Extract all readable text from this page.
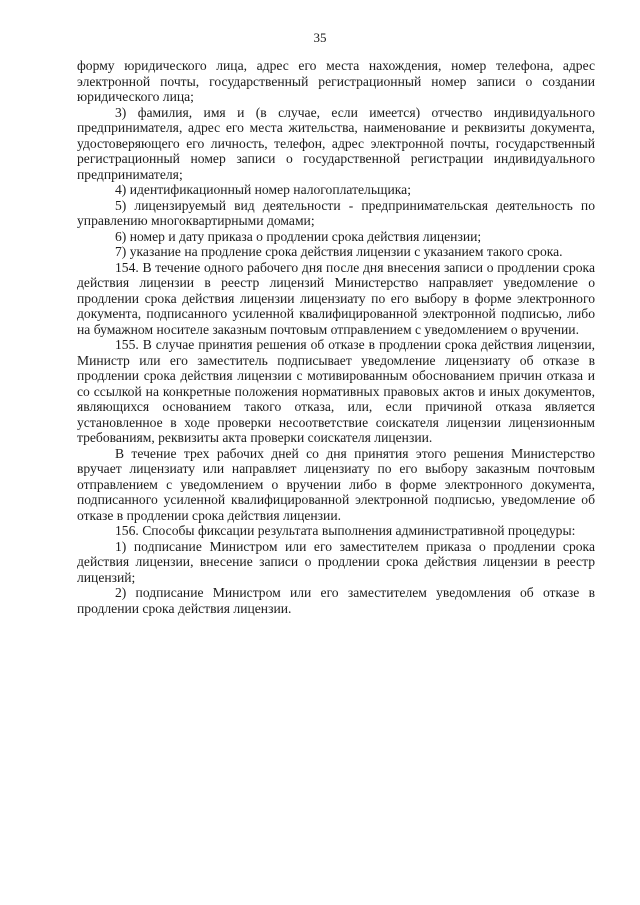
35

форму юридического лица, адрес его места нахождения, номер телефона, адрес электронной почты, государственный регистрационный номер записи о создании юридического лица;

3) фамилия, имя и (в случае, если имеется) отчество индивидуального предпринимателя, адрес его места жительства, наименование и реквизиты документа, удостоверяющего его личность, телефон, адрес электронной почты, государственный регистрационный номер записи о государственной регистрации индивидуального предпринимателя;

4) идентификационный номер налогоплательщика;

5) лицензируемый вид деятельности - предпринимательская деятельность по управлению многоквартирными домами;

6) номер и дату приказа о продлении срока действия лицензии;

7) указание на продление срока действия лицензии с указанием такого срока.

154. В течение одного рабочего дня после дня внесения записи о продлении срока действия лицензии в реестр лицензий Министерство направляет уведомление о продлении срока действия лицензии лицензиату по его выбору в форме электронного документа, подписанного усиленной квалифицированной электронной подписью, либо на бумажном носителе заказным почтовым отправлением с уведомлением о вручении.

155. В случае принятия решения об отказе в продлении срока действия лицензии, Министр или его заместитель подписывает уведомление лицензиату об отказе в продлении срока действия лицензии с мотивированным обоснованием причин отказа и со ссылкой на конкретные положения нормативных правовых актов и иных документов, являющихся основанием такого отказа, или, если причиной отказа является установленное в ходе проверки несоответствие соискателя лицензии лицензионным требованиям, реквизиты акта проверки соискателя лицензии.

В течение трех рабочих дней со дня принятия этого решения Министерство вручает лицензиату или направляет лицензиату по его выбору заказным почтовым отправлением с уведомлением о вручении либо в форме электронного документа, подписанного усиленной квалифицированной электронной подписью, уведомление об отказе в продлении срока действия лицензии.

156. Способы фиксации результата выполнения административной процедуры:

1) подписание Министром или его заместителем приказа о продлении срока действия лицензии, внесение записи о продлении срока действия лицензии в реестр лицензий;

2) подписание Министром или его заместителем уведомления об отказе в продлении срока действия лицензии.
